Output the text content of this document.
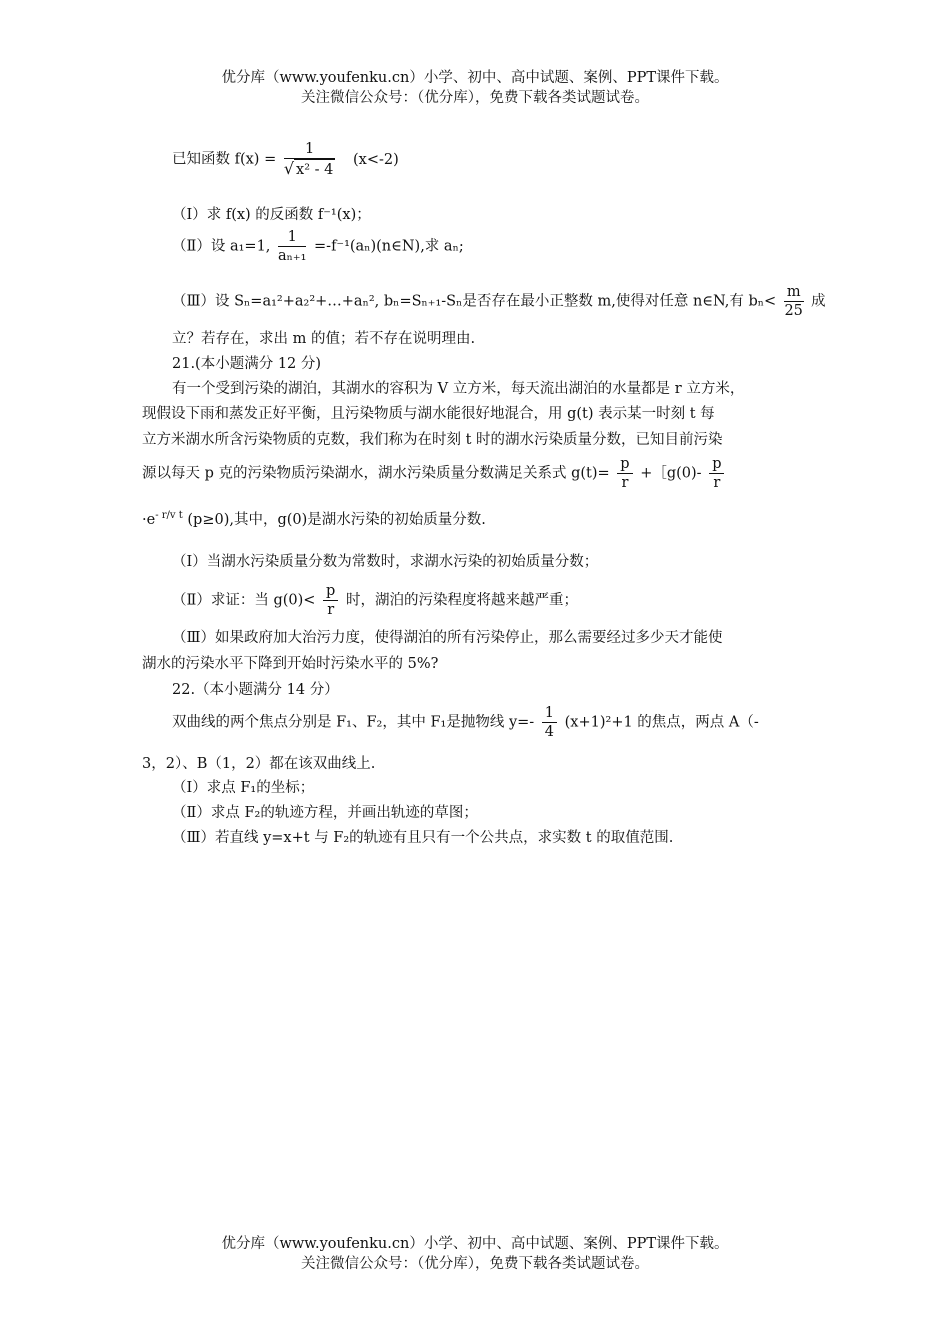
优分库（www.youfenku.cn）小学、初中、高中试题、案例、PPT课件下载。
关注微信公众号：（优分库），免费下载各类试题试卷。
已知函数 $f(x) = \frac{1}{\text{√ x² - 4}} (x<-2)$
（Ⅰ）求 f(x) 的反函数 f⁻¹(x)；
（Ⅱ）设 a₁=1, $\frac{1}{\text{aₙ₊₁}}$ =-f⁻¹(aₙ)(n∈N),求 aₙ;
（Ⅲ）设 Sₙ=a₁²+a₂²+…+aₙ², bₙ=Sₙ₊₁-Sₙ是否存在最小正整数 m,使得对任意 n∈N,有 $b_n< \frac{m}{25}$ 成
立？若存在，求出 m 的值；若不存在说明理由.
21.(本小题满分 12 分)
有一个受到污染的湖泊，其湖水的容积为 V 立方米，每天流出湖泊的水量都是 r 立方米，
现假设下雨和蒸发正好平衡，且污染物质与湖水能很好地混合，用 g(t) 表示某一时刻 t 每
立方米湖水所含污染物质的克数，我们称为在时刻 t 时的湖水污染质量分数，已知目前污染
源以每天 p 克的污染物质污染湖水，湖水污染质量分数满足关系式 $g(t)= \frac{p}{r}$ +［g(0)- $\frac{p}{r}$
$\cdot e^{- r/v t}$ (p≥0),其中，g(0)是湖水污染的初始质量分数.
（Ⅰ）当湖水污染质量分数为常数时，求湖水污染的初始质量分数；
（Ⅱ）求证：当 $g(0)< \frac{p}{r}$ 时，湖泊的污染程度将越来越严重；
（Ⅲ）如果政府加大治污力度，使得湖泊的所有污染停止，那么需要经过多少天才能使
湖水的污染水平下降到开始时污染水平的 5%?
22.（本小题满分 14 分）
双曲线的两个焦点分别是 F₁、F₂，其中 F₁是抛物线 $y=- \frac{1}{4} (x+1)^2+1$ 的焦点，两点 A（-
3，2）、B（1，2）都在该双曲线上.
（Ⅰ）求点 F₁的坐标；
（Ⅱ）求点 F₂的轨迹方程，并画出轨迹的草图；
（Ⅲ）若直线 y=x+t 与 F₂的轨迹有且只有一个公共点，求实数 t 的取值范围.
优分库（www.youfenku.cn）小学、初中、高中试题、案例、PPT课件下载。
关注微信公众号：（优分库），免费下载各类试题试卷。
